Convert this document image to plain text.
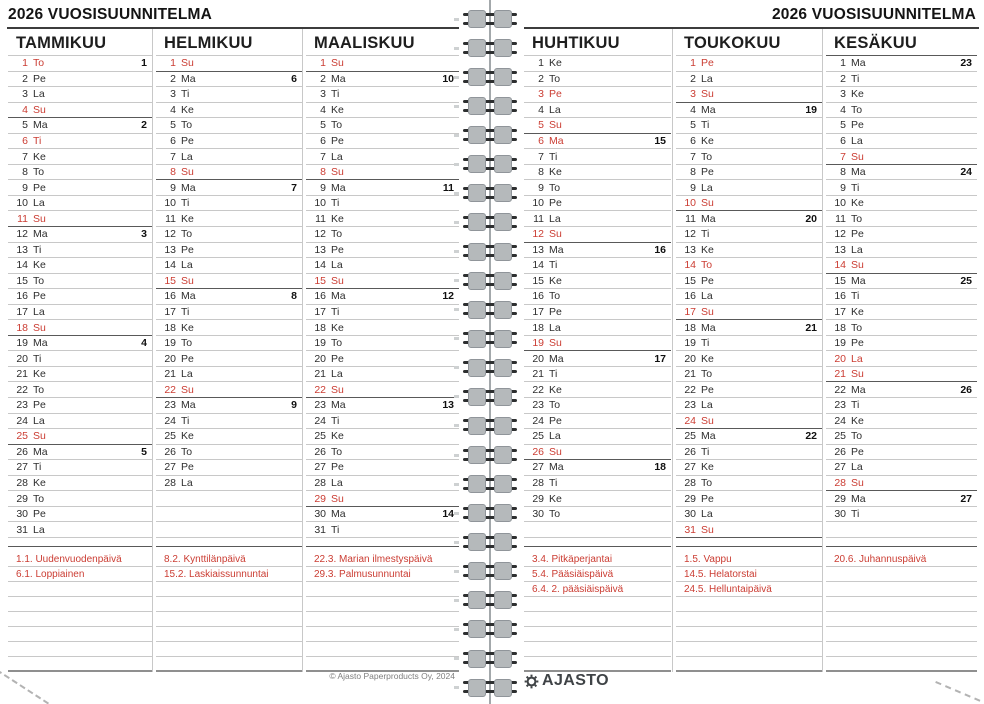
2026 VUOSISUUNNITELMA
© Ajasto Paperproducts Oy, 2024
TAMMIKUU
1 To	1
2 Pe
3 La
4 Su
5 Ma	2
6 Ti
7 Ke
8 To
9 Pe
10 La
11 Su
12 Ma	3
13 Ti
14 Ke
15 To
16 Pe
17 La
18 Su
19 Ma	4
20 Ti
21 Ke
22 To
23 Pe
24 La
25 Su
26 Ma	5
27 Ti
28 Ke
29 To
30 Pe
31 La
1.1. Uudenvuodenpäivä
6.1. Loppiainen
HELMIKUU
1 Su
2 Ma	6
3 Ti
4 Ke
5 To
6 Pe
7 La
8 Su
9 Ma	7
10 Ti
11 Ke
12 To
13 Pe
14 La
15 Su
16 Ma	8
17 Ti
18 Ke
19 To
20 Pe
21 La
22 Su
23 Ma	9
24 Ti
25 Ke
26 To
27 Pe
28 La
8.2. Kynttilänpäivä
15.2. Laskiaissunnuntai
MAALISKUU
1 Su
2 Ma	10
3 Ti
4 Ke
5 To
6 Pe
7 La
8 Su
9 Ma	11
10 Ti
11 Ke
12 To
13 Pe
14 La
15 Su
16 Ma	12
17 Ti
18 Ke
19 To
20 Pe
21 La
22 Su
23 Ma	13
24 Ti
25 Ke
26 To
27 Pe
28 La
29 Su
30 Ma	14
31 Ti
22.3. Marian ilmestyspäivä
29.3. Palmusunnuntai
2026 VUOSISUUNNITELMA
AJASTO
HUHTIKUU
1 Ke
2 To
3 Pe
4 La
5 Su
6 Ma	15
7 Ti
8 Ke
9 To
10 Pe
11 La
12 Su
13 Ma	16
14 Ti
15 Ke
16 To
17 Pe
18 La
19 Su
20 Ma	17
21 Ti
22 Ke
23 To
24 Pe
25 La
26 Su
27 Ma	18
28 Ti
29 Ke
30 To
3.4. Pitkäperjantai
5.4. Pääsiäispäivä
6.4. 2. pääsiäispäivä
TOUKOKUU
1 Pe
2 La
3 Su
4 Ma	19
5 Ti
6 Ke
7 To
8 Pe
9 La
10 Su
11 Ma	20
12 Ti
13 Ke
14 To
15 Pe
16 La
17 Su
18 Ma	21
19 Ti
20 Ke
21 To
22 Pe
23 La
24 Su
25 Ma	22
26 Ti
27 Ke
28 To
29 Pe
30 La
31 Su
1.5. Vappu
14.5. Helatorstai
24.5. Helluntaipäivä
KESÄKUU
1 Ma	23
2 Ti
3 Ke
4 To
5 Pe
6 La
7 Su
8 Ma	24
9 Ti
10 Ke
11 To
12 Pe
13 La
14 Su
15 Ma	25
16 Ti
17 Ke
18 To
19 Pe
20 La
21 Su
22 Ma	26
23 Ti
24 Ke
25 To
26 Pe
27 La
28 Su
29 Ma	27
30 Ti
20.6. Juhannuspäivä
